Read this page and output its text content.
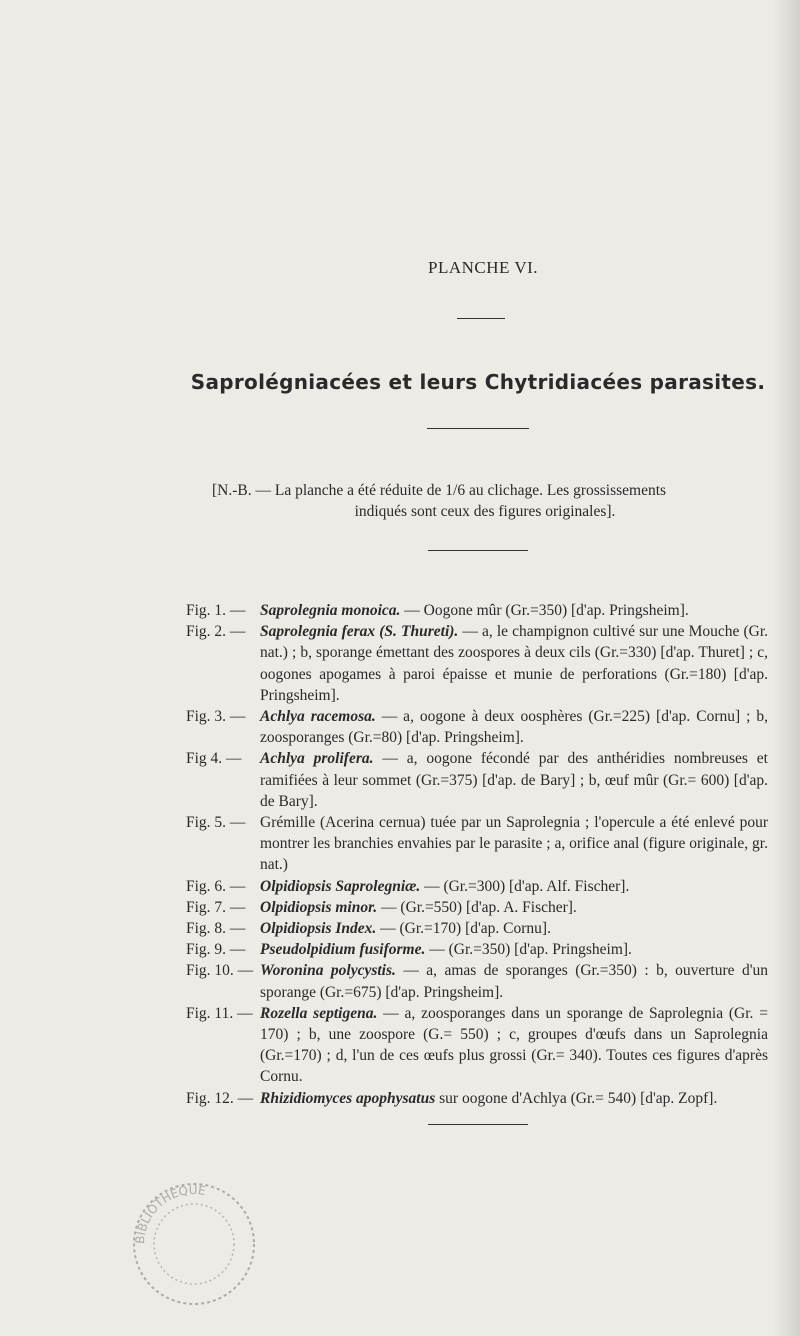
PLANCHE VI.
Saprolégniacées et leurs Chytridiacées parasites.
[N.-B. — La planche a été réduite de 1/6 au clichage. Les grossissements
indiqués sont ceux des figures originales].
Fig. 1. — Saprolegnia monoica. — Oogone mûr (Gr.=350) [d'ap. Pringsheim].
Fig. 2. — Saprolegnia ferax (S. Thureti). — a, le champignon cultivé sur une Mouche (Gr. nat.) ; b, sporange émettant des zoospores à deux cils (Gr.=330) [d'ap. Thuret] ; c, oogones apogames à paroi épaisse et munie de perforations (Gr.=180) [d'ap. Pringsheim].
Fig. 3. — Achlya racemosa. — a, oogone à deux oosphères (Gr.=225) [d'ap. Cornu] ; b, zoosporanges (Gr.=80) [d'ap. Pringsheim].
Fig 4. —	Achlya prolifera. — a, oogone fécondé par des anthéridies nombreuses et ramifiées à leur sommet (Gr.=375) [d'ap. de Bary] ; b, œuf mûr (Gr.= 600) [d'ap. de Bary].
Fig. 5. — Grémille (Acerina cernua) tuée par un Saprolegnia ; l'opercule a été enlevé pour montrer les branchies envahies par le parasite ; a, orifice anal (figure originale, gr. nat.)
Fig. 6. — Olpidiopsis Saprolegniæ. — (Gr.=300) [d'ap. Alf. Fischer].
Fig. 7. — Olpidiopsis minor. — (Gr.=550) [d'ap. A. Fischer].
Fig. 8. — Olpidiopsis Index. — (Gr.=170) [d'ap. Cornu].
Fig. 9. — Pseudolpidium fusiforme. — (Gr.=350) [d'ap. Pringsheim].
Fig. 10. — Woronina polycystis. — a, amas de sporanges (Gr.=350) : b, ouverture d'un sporange (Gr.=675) [d'ap. Pringsheim].
Fig. 11. — Rozella septigena. — a, zoosporanges dans un sporange de Saprolegnia (Gr. = 170) ; b, une zoospore (G.= 550) ; c, groupes d'œufs dans un Saprolegnia (Gr.=170) ; d, l'un de ces œufs plus grossi (Gr.= 340). Toutes ces figures d'après Cornu.
Fig. 12. — Rhizidiomyces apophysatus sur oogone d'Achlya (Gr.= 540) [d'ap. Zopf].
BIBLIOTHÈQUE
